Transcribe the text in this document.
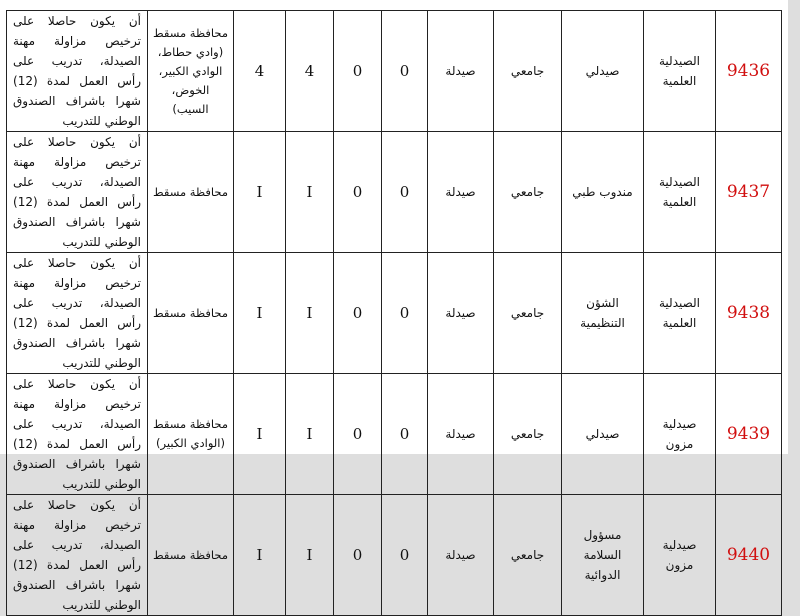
9436	الصيدلية العلمية	صيدلي	جامعي	صيدلة	0	0	4	4	محافظة مسقط (وادي حطاط، الوادي الكبير، الخوض، السيب)	أن يكون حاصلا على ترخيص مزاولة مهنة الصيدلة، تدريب على رأس العمل لمدة (12) شهرا باشراف الصندوق الوطني للتدريب
9437	الصيدلية العلمية	مندوب طبي	جامعي	صيدلة	0	0	I	I	محافظة مسقط	أن يكون حاصلا على ترخيص مزاولة مهنة الصيدلة، تدريب على رأس العمل لمدة (12) شهرا باشراف الصندوق الوطني للتدريب
9438	الصيدلية العلمية	الشؤن التنظيمية	جامعي	صيدلة	0	0	I	I	محافظة مسقط	أن يكون حاصلا على ترخيص مزاولة مهنة الصيدلة، تدريب على رأس العمل لمدة (12) شهرا باشراف الصندوق الوطني للتدريب
9439	صيدلية مزون	صيدلي	جامعي	صيدلة	0	0	I	I	محافظة مسقط (الوادي الكبير)	أن يكون حاصلا على ترخيص مزاولة مهنة الصيدلة، تدريب على رأس العمل لمدة (12) شهرا باشراف الصندوق الوطني للتدريب
9440	صيدلية مزون	مسؤول السلامة الدوائية	جامعي	صيدلة	0	0	I	I	محافظة مسقط	أن يكون حاصلا على ترخيص مزاولة مهنة الصيدلة، تدريب على رأس العمل لمدة (12) شهرا باشراف الصندوق الوطني للتدريب
